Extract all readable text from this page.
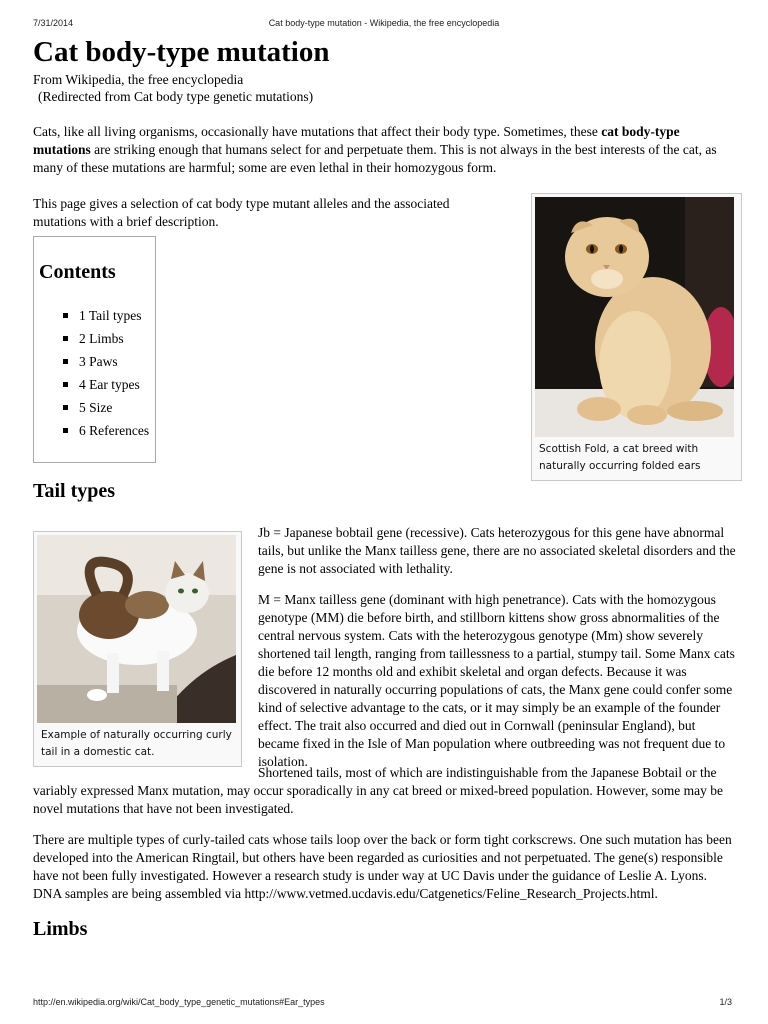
7/31/2014	Cat body-type mutation - Wikipedia, the free encyclopedia
Cat body-type mutation
From Wikipedia, the free encyclopedia
(Redirected from Cat body type genetic mutations)

Cats, like all living organisms, occasionally have mutations that affect their body type. Sometimes, these cat body-type mutations are striking enough that humans select for and perpetuate them. This is not always in the best interests of the cat, as many of these mutations are harmful; some are even lethal in their homozygous form.

This page gives a selection of cat body type mutant alleles and the associated mutations with a brief description.

Scottish Fold, a cat breed with naturally occurring folded ears
Contents
1 Tail types
2 Limbs
3 Paws
4 Ear types
5 Size
6 References
Tail types
Example of naturally occurring curly tail in a domestic cat.

Jb = Japanese bobtail gene (recessive). Cats heterozygous for this gene have abnormal tails, but unlike the Manx tailless gene, there are no associated skeletal disorders and the gene is not associated with lethality.

M = Manx tailless gene (dominant with high penetrance). Cats with the homozygous genotype (MM) die before birth, and stillborn kittens show gross abnormalities of the central nervous system. Cats with the heterozygous genotype (Mm) show severely shortened tail length, ranging from taillessness to a partial, stumpy tail. Some Manx cats die before 12 months old and exhibit skeletal and organ defects. Because it was discovered in naturally occurring populations of cats, the Manx gene could confer some kind of selective advantage to the cats, or it may simply be an example of the founder effect. The trait also occurred and died out in Cornwall (peninsular England), but became fixed in the Isle of Man population where outbreeding was not frequent due to isolation.

Shortened tails, most of which are indistinguishable from the Japanese Bobtail or the variably expressed Manx mutation, may occur sporadically in any cat breed or mixed-breed population. However, some may be novel mutations that have not been investigated.

There are multiple types of curly-tailed cats whose tails loop over the back or form tight corkscrews. One such mutation has been developed into the American Ringtail, but others have been regarded as curiosities and not perpetuated. The gene(s) responsible have not been fully investigated. However a research study is under way at UC Davis under the guidance of Leslie A. Lyons. DNA samples are being assembled via http://www.vetmed.ucdavis.edu/Catgenetics/Feline_Research_Projects.html.

Limbs
http://en.wikipedia.org/wiki/Cat_body_type_genetic_mutations#Ear_types	1/3
